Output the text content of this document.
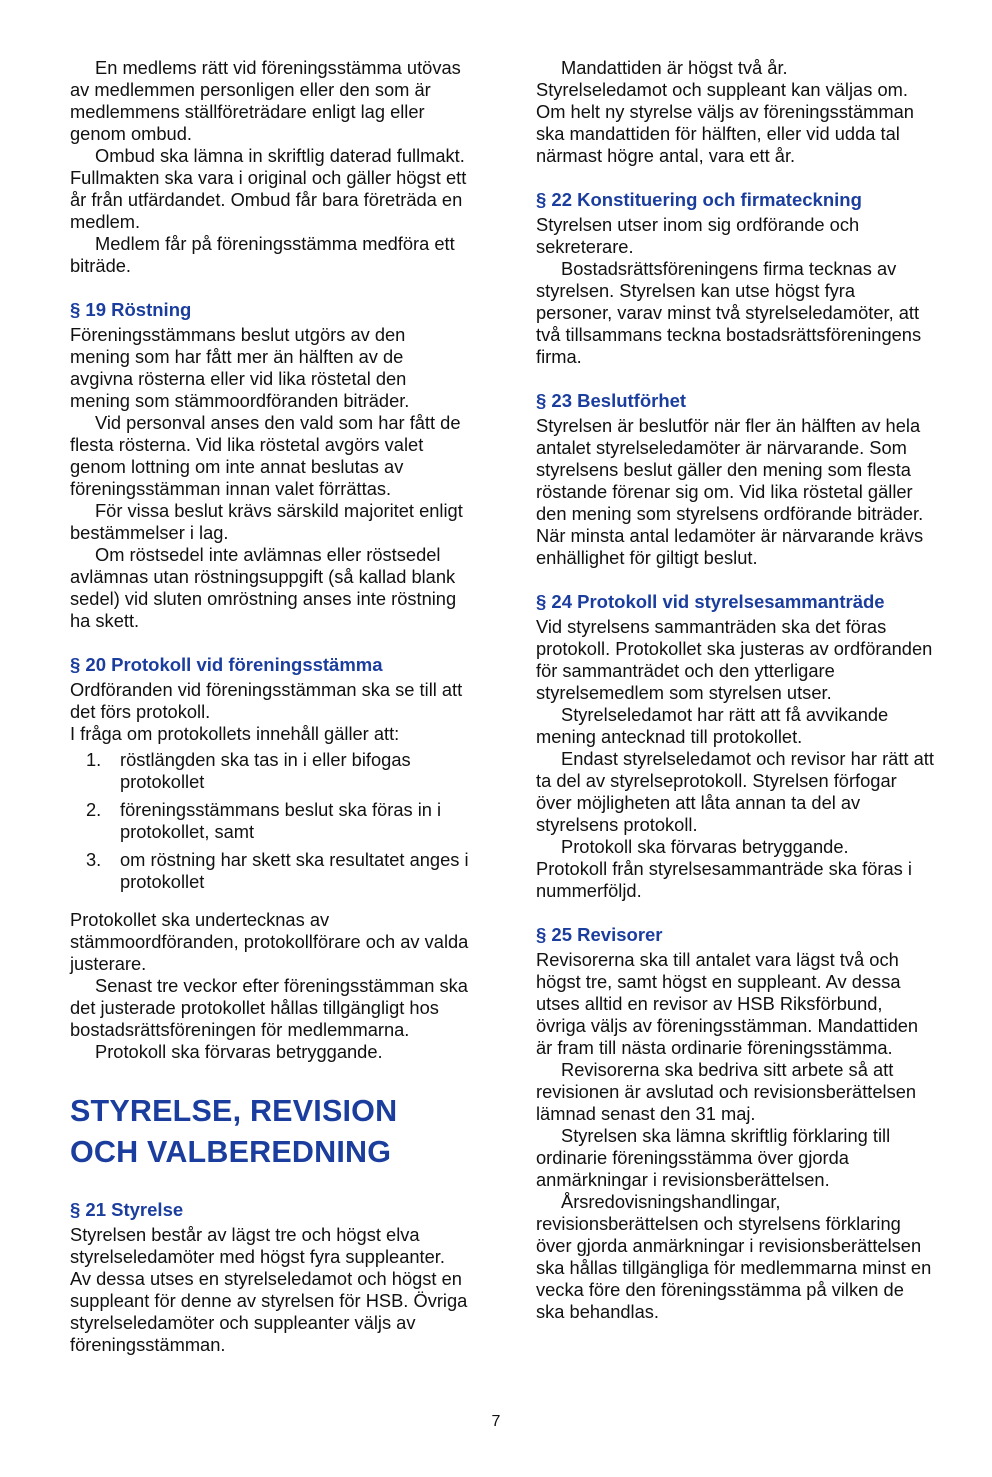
En medlems rätt vid föreningsstämma utövas av medlemmen personligen eller den som är medlemmens ställföreträdare enligt lag eller genom ombud.

Ombud ska lämna in skriftlig daterad fullmakt. Fullmakten ska vara i original och gäller högst ett år från utfärdandet. Ombud får bara företräda en medlem.

Medlem får på föreningsstämma medföra ett biträde.

§ 19 Röstning

Föreningsstämmans beslut utgörs av den mening som har fått mer än hälften av de avgivna rösterna eller vid lika röstetal den mening som stämmoordföranden biträder.

Vid personval anses den vald som har fått de flesta rösterna. Vid lika röstetal avgörs valet genom lottning om inte annat beslutas av föreningsstämman innan valet förrättas.

För vissa beslut krävs särskild majoritet enligt bestämmelser i lag.

Om röstsedel inte avlämnas eller röstsedel avlämnas utan röstningsuppgift (så kallad blank sedel) vid sluten omröstning anses inte röstning ha skett.

§ 20 Protokoll vid föreningsstämma

Ordföranden vid föreningsstämman ska se till att det förs protokoll.

I fråga om protokollets innehåll gäller att:

1.	röstlängden ska tas in i eller bifogas protokollet
2.	föreningsstämmans beslut ska föras in i protokollet, samt
3.	om röstning har skett ska resultatet anges i protokollet

Protokollet ska undertecknas av stämmoordföranden, protokollförare och av valda justerare.

Senast tre veckor efter föreningsstämman ska det justerade protokollet hållas tillgängligt hos bostadsrättsföreningen för medlemmarna.

Protokoll ska förvaras betryggande.

STYRELSE, REVISION
OCH VALBEREDNING
§ 21 Styrelse

Styrelsen består av lägst tre och högst elva styrelseledamöter med högst fyra suppleanter. Av dessa utses en styrelseledamot och högst en suppleant för denne av styrelsen för HSB. Övriga styrelseledamöter och suppleanter väljs av föreningsstämman.

Mandattiden är högst två år.

Styrelseledamot och suppleant kan väljas om. Om helt ny styrelse väljs av föreningsstämman ska mandattiden för hälften, eller vid udda tal närmast högre antal, vara ett år.

§ 22 Konstituering och firmateckning

Styrelsen utser inom sig ordförande och sekreterare.

Bostadsrättsföreningens firma tecknas av styrelsen. Styrelsen kan utse högst fyra personer, varav minst två styrelseledamöter, att två tillsammans teckna bostadsrättsföreningens firma.

§ 23 Beslutförhet

Styrelsen är beslutför när fler än hälften av hela antalet styrelseledamöter är närvarande. Som styrelsens beslut gäller den mening som flesta röstande förenar sig om. Vid lika röstetal gäller den mening som styrelsens ordförande biträder. När minsta antal ledamöter är närvarande krävs enhällighet för giltigt beslut.

§ 24 Protokoll vid styrelsesammanträde

Vid styrelsens sammanträden ska det föras protokoll. Protokollet ska justeras av ordföranden för sammanträdet och den ytterligare styrelsemedlem som styrelsen utser.

Styrelseledamot har rätt att få avvikande mening antecknad till protokollet.

Endast styrelseledamot och revisor har rätt att ta del av styrelseprotokoll. Styrelsen förfogar över möjligheten att låta annan ta del av styrelsens protokoll.

Protokoll ska förvaras betryggande.

Protokoll från styrelsesammanträde ska föras i nummerföljd.

§ 25 Revisorer

Revisorerna ska till antalet vara lägst två och högst tre, samt högst en suppleant. Av dessa utses alltid en revisor av HSB Riksförbund, övriga väljs av föreningsstämman. Mandattiden är fram till nästa ordinarie föreningsstämma.

Revisorerna ska bedriva sitt arbete så att revisionen är avslutad och revisionsberättelsen lämnad senast den 31 maj.

Styrelsen ska lämna skriftlig förklaring till ordinarie föreningsstämma över gjorda anmärkningar i revisionsberättelsen.

Årsredovisningshandlingar, revisionsberättelsen och styrelsens förklaring över gjorda anmärkningar i revisionsberättelsen ska hållas tillgängliga för medlemmarna minst en vecka före den föreningsstämma på vilken de ska behandlas.

7
